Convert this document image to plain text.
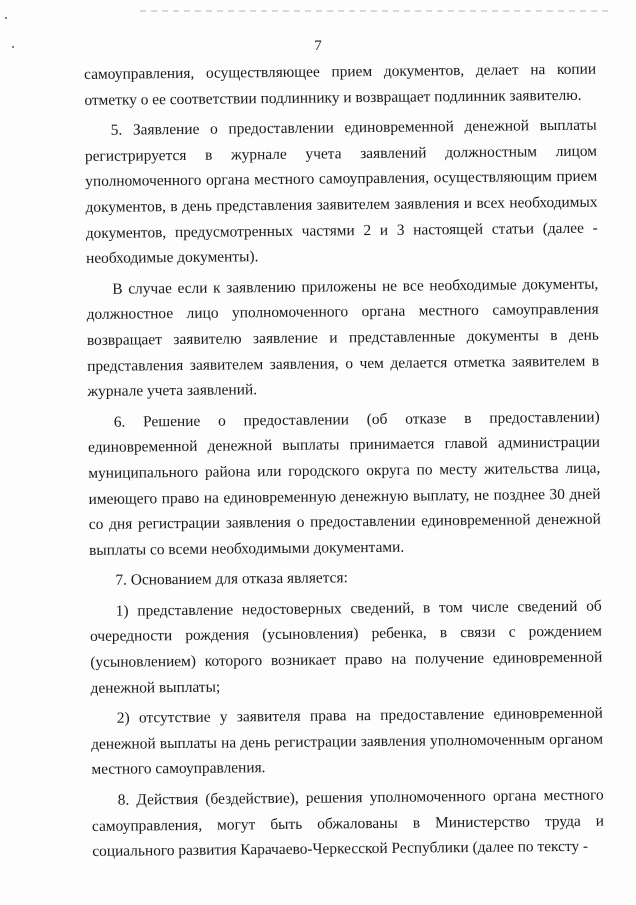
7

самоуправления, осуществляющее прием документов, делает на копии отметку о ее соответствии подлиннику и возвращает подлинник заявителю.

5. Заявление о предоставлении единовременной денежной выплаты регистрируется в журнале учета заявлений должностным лицом уполномоченного органа местного самоуправления, осуществляющим прием документов, в день представления заявителем заявления и всех необходимых документов, предусмотренных частями 2 и 3 настоящей статьи (далее - необходимые документы).

В случае если к заявлению приложены не все необходимые документы, должностное лицо уполномоченного органа местного самоуправления возвращает заявителю заявление и представленные документы в день представления заявителем заявления, о чем делается отметка заявителем в журнале учета заявлений.

6. Решение о предоставлении (об отказе в предоставлении) единовременной денежной выплаты принимается главой администрации муниципального района или городского округа по месту жительства лица, имеющего право на единовременную денежную выплату, не позднее 30 дней со дня регистрации заявления о предоставлении единовременной денежной выплаты со всеми необходимыми документами.

7. Основанием для отказа является:

1) представление недостоверных сведений, в том числе сведений об очередности рождения (усыновления) ребенка, в связи с рождением (усыновлением) которого возникает право на получение единовременной денежной выплаты;

2) отсутствие у заявителя права на предоставление единовременной денежной выплаты на день регистрации заявления уполномоченным органом местного самоуправления.

8. Действия (бездействие), решения уполномоченного органа местного самоуправления, могут быть обжалованы в Министерство труда и социального развития Карачаево-Черкесской Республики (далее по тексту -
